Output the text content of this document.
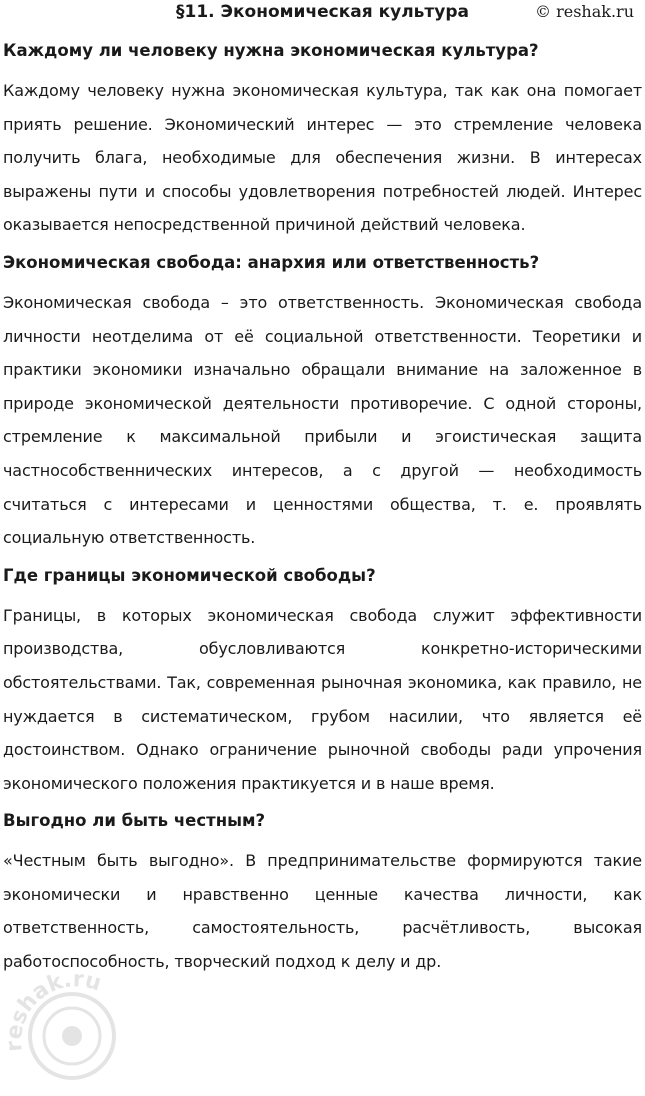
§11. Экономическая культура	© reshak.ru
Каждому ли человеку нужна экономическая культура?

Каждому человеку нужна экономическая культура, так как она помогает приять решение. Экономический интерес — это стремление человека получить блага, необходимые для обеспечения жизни. В интересах выражены пути и способы удовлетворения потребностей людей. Интерес оказывается непосредственной причиной действий человека.

Экономическая свобода: анархия или ответственность?

Экономическая свобода – это ответственность. Экономическая свобода личности неотделима от её социальной ответственности. Теоретики и практики экономики изначально обращали внимание на заложенное в природе экономической деятельности противоречие. С одной стороны, стремление к максимальной прибыли и эгоистическая защита частнособственнических интересов, а с другой — необходимость считаться с интересами и ценностями общества, т. е. проявлять социальную ответственность.

Где границы экономической свободы?

Границы, в которых экономическая свобода служит эффективности производства, обусловливаются конкретно-историческими обстоятельствами. Так, современная рыночная экономика, как правило, не нуждается в систематическом, грубом насилии, что является её достоинством. Однако ограничение рыночной свободы ради упрочения экономического положения практикуется и в наше время.

Выгодно ли быть честным?

«Честным быть выгодно». В предпринимательстве формируются такие экономически и нравственно ценные качества личности, как ответственность, самостоятельность, расчётливость, высокая работоспособность, творческий подход к делу и др.

reshak.ru
